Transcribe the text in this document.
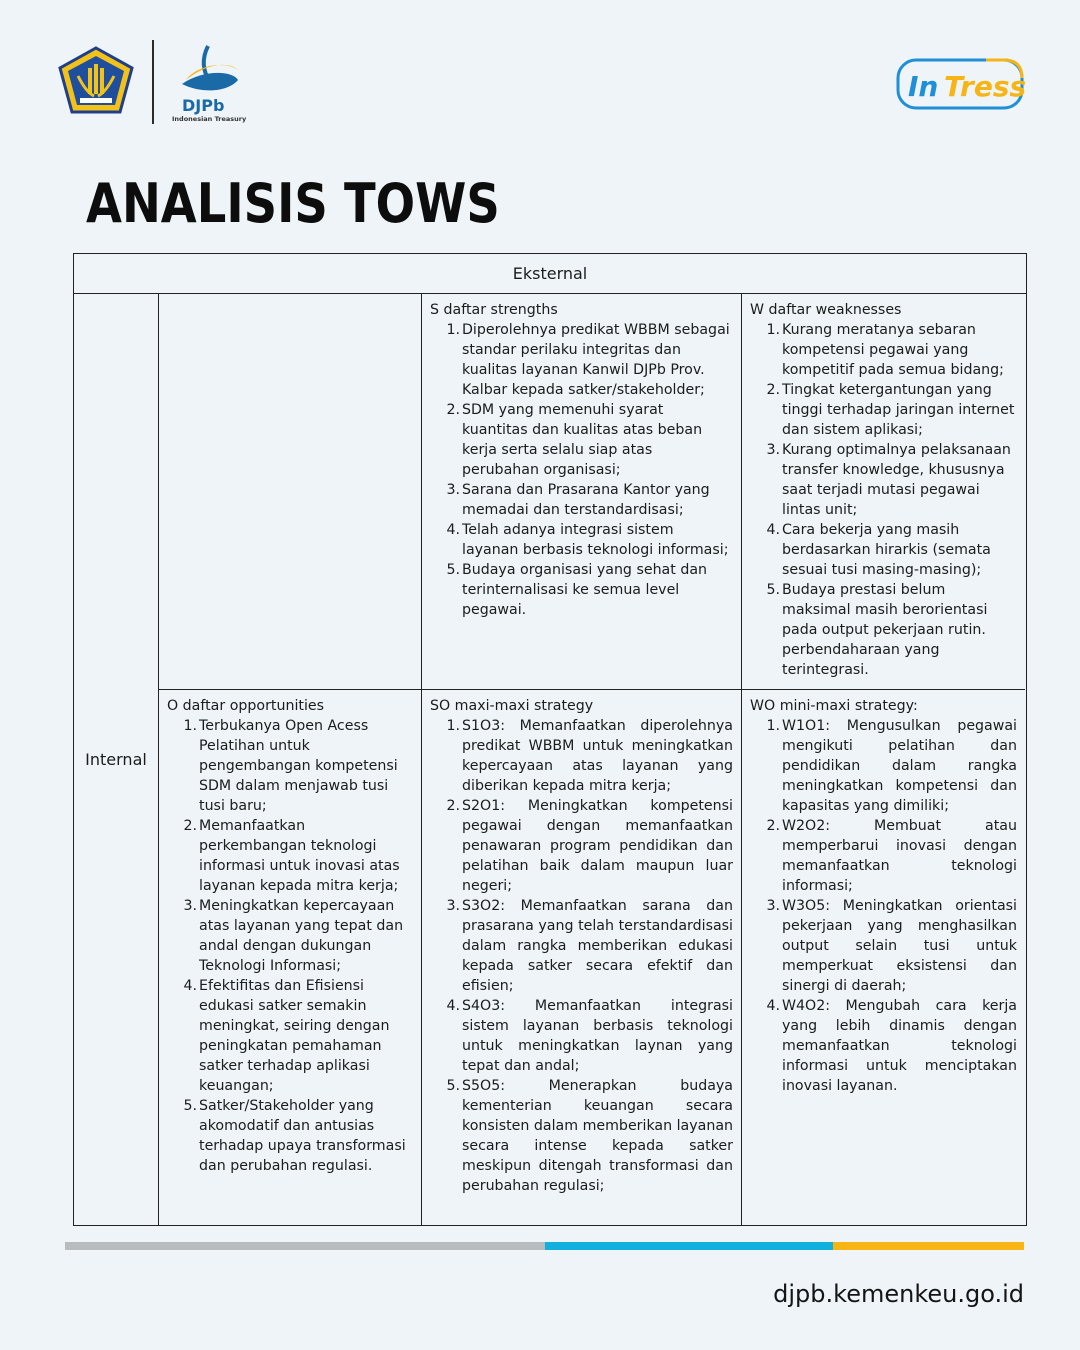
DJPb
Indonesian Treasury
In Tress
ANALISIS TOWS
Eksternal
Internal
S daftar strengths
1. Diperolehnya predikat WBBM sebagai standar perilaku integritas dan kualitas layanan Kanwil DJPb Prov. Kalbar kepada satker/stakeholder;
2. SDM yang memenuhi syarat kuantitas dan kualitas atas beban kerja serta selalu siap atas perubahan organisasi;
3. Sarana dan Prasarana Kantor yang memadai dan terstandardisasi;
4. Telah adanya integrasi sistem layanan berbasis teknologi informasi;
5. Budaya organisasi yang sehat dan terinternalisasi ke semua level pegawai.
W daftar weaknesses
1. Kurang meratanya sebaran kompetensi pegawai yang kompetitif pada semua bidang;
2. Tingkat ketergantungan yang tinggi terhadap jaringan internet dan sistem aplikasi;
3. Kurang optimalnya pelaksanaan transfer knowledge, khususnya saat terjadi mutasi pegawai lintas unit;
4. Cara bekerja yang masih berdasarkan hirarkis (semata sesuai tusi masing-masing);
5. Budaya prestasi belum maksimal masih berorientasi pada output pekerjaan rutin. perbendaharaan yang terintegrasi.
O daftar opportunities
1. Terbukanya Open Acess Pelatihan untuk pengembangan kompetensi SDM dalam menjawab tusi tusi baru;
2. Memanfaatkan perkembangan teknologi informasi untuk inovasi atas layanan kepada mitra kerja;
3. Meningkatkan kepercayaan atas layanan yang tepat dan andal dengan dukungan Teknologi Informasi;
4. Efektifitas dan Efisiensi edukasi satker semakin meningkat, seiring dengan peningkatan pemahaman satker terhadap aplikasi keuangan;
5. Satker/Stakeholder yang akomodatif dan antusias terhadap upaya transformasi dan perubahan regulasi.
SO maxi-maxi strategy
1. S1O3: Memanfaatkan diperolehnya predikat WBBM untuk meningkatkan kepercayaan atas layanan yang diberikan kepada mitra kerja;
2. S2O1: Meningkatkan kompetensi pegawai dengan memanfaatkan penawaran program pendidikan dan pelatihan baik dalam maupun luar negeri;
3. S3O2: Memanfaatkan sarana dan prasarana yang telah terstandardisasi dalam rangka memberikan edukasi kepada satker secara efektif dan efisien;
4. S4O3: Memanfaatkan integrasi sistem layanan berbasis teknologi untuk meningkatkan laynan yang tepat dan andal;
5. S5O5: Menerapkan budaya kementerian keuangan secara konsisten dalam memberikan layanan secara intense kepada satker meskipun ditengah transformasi dan perubahan regulasi;
WO mini-maxi strategy:
1. W1O1: Mengusulkan pegawai mengikuti pelatihan dan pendidikan dalam rangka meningkatkan kompetensi dan kapasitas yang dimiliki;
2. W2O2: Membuat atau memperbarui inovasi dengan memanfaatkan teknologi informasi;
3. W3O5: Meningkatkan orientasi pekerjaan yang menghasilkan output selain tusi untuk memperkuat eksistensi dan sinergi di daerah;
4. W4O2: Mengubah cara kerja yang lebih dinamis dengan memanfaatkan teknologi informasi untuk menciptakan inovasi layanan.
djpb.kemenkeu.go.id
